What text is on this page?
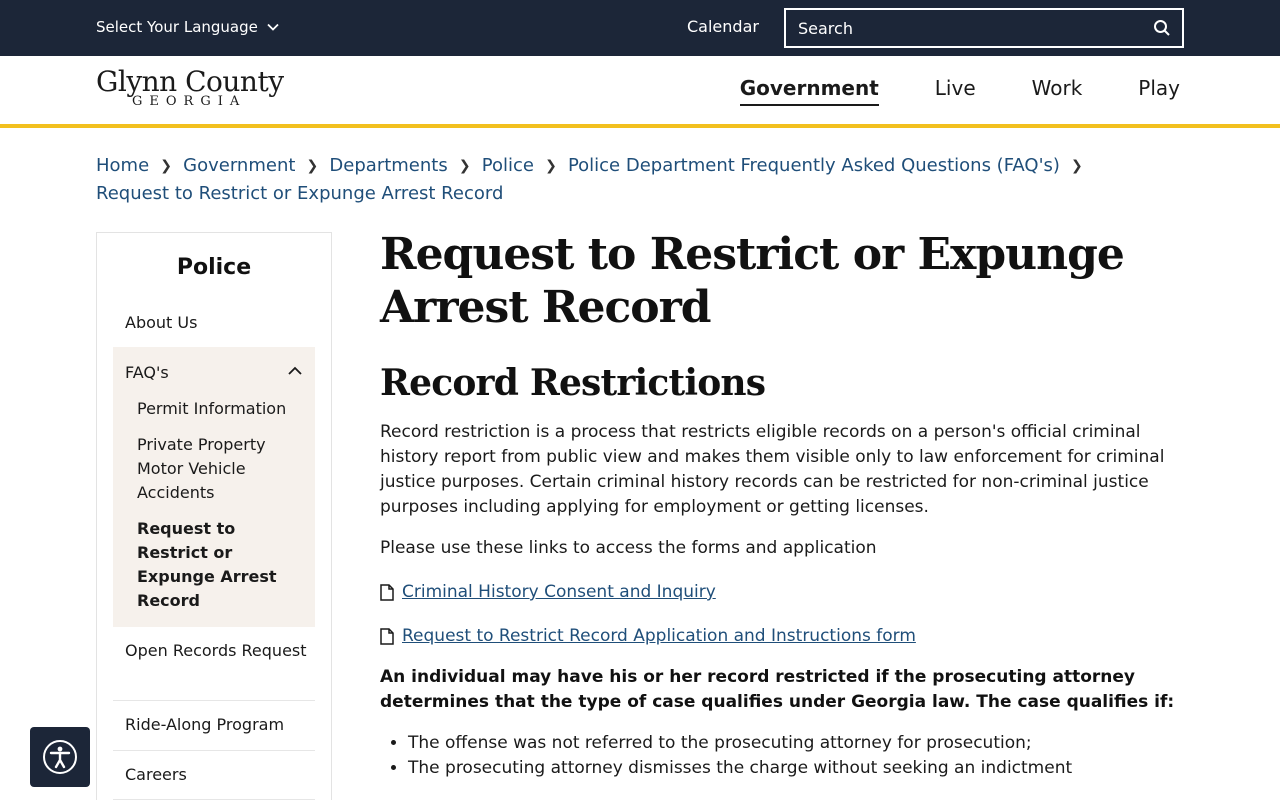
Select Your Language	Calendar
Search
Glynn County
GEORGIA
Government	Live	Work	Play
Home ❯ Government ❯ Departments ❯ Police ❯ Police Department Frequently Asked Questions (FAQ's) ❯
Request to Restrict or Expunge Arrest Record
Police
About Us
FAQ's
Permit Information
Private Property Motor Vehicle Accidents
Request to Restrict or Expunge Arrest Record
Open Records Request
Ride-Along Program
Careers
Request to Restrict or Expunge Arrest Record
Record Restrictions

Record restriction is a process that restricts eligible records on a person's official criminal history report from public view and makes them visible only to law enforcement for criminal justice purposes. Certain criminal history records can be restricted for non-criminal justice purposes including applying for employment or getting licenses.

Please use these links to access the forms and application

Criminal History Consent and Inquiry
Request to Restrict Record Application and Instructions form

An individual may have his or her record restricted if the prosecuting attorney determines that the type of case qualifies under Georgia law. The case qualifies if:

• The offense was not referred to the prosecuting attorney for prosecution;
• The prosecuting attorney dismisses the charge without seeking an indictment
